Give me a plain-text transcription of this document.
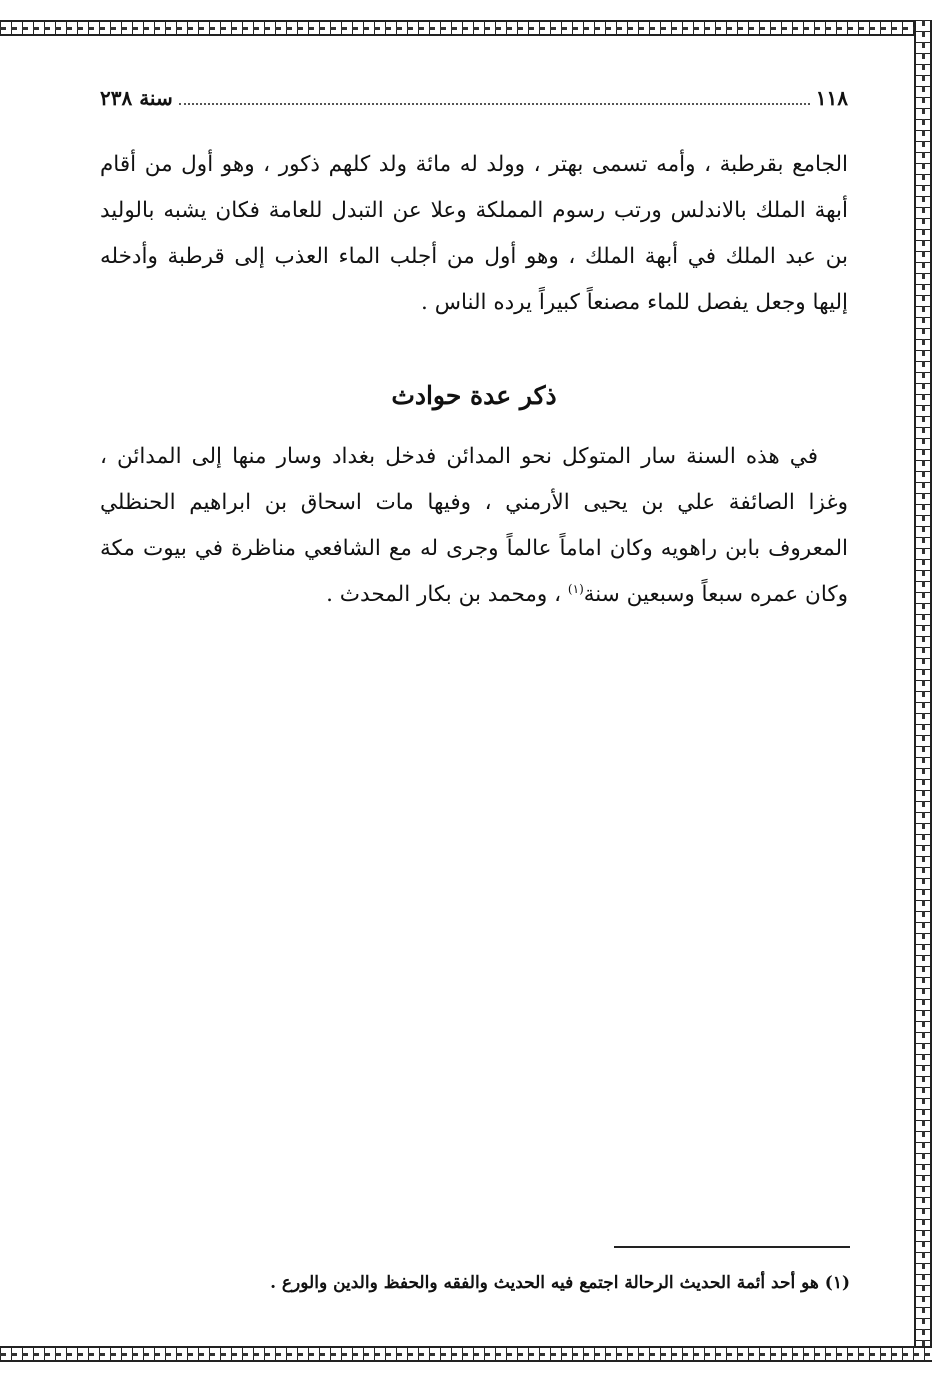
١١٨
سنة ٢٣٨

الجامع بقرطبة ، وأمه تسمى بهتر ، وولد له مائة ولد كلهم ذكور ، وهو أول من أقام أبهة الملك بالاندلس ورتب رسوم المملكة وعلا عن التبدل للعامة فكان يشبه بالوليد بن عبد الملك في أبهة الملك ، وهو أول من أجلب الماء العذب إلى قرطبة وأدخله إليها وجعل يفصل للماء مصنعاً كبيراً يرده الناس .

ذكر عدة حوادث

في هذه السنة سار المتوكل نحو المدائن فدخل بغداد وسار منها إلى المدائن ، وغزا الصائفة علي بن يحيى الأرمني ، وفيها مات اسحاق بن ابراهيم الحنظلي المعروف بابن راهويه وكان اماماً عالماً وجرى له مع الشافعي مناظرة في بيوت مكة وكان عمره سبعاً وسبعين سنة$^{(١)}$ ، ومحمد بن بكار المحدث .

(١) هو أحد أئمة الحديث الرحالة اجتمع فيه الحديث والفقه والحفظ والدين والورع .
